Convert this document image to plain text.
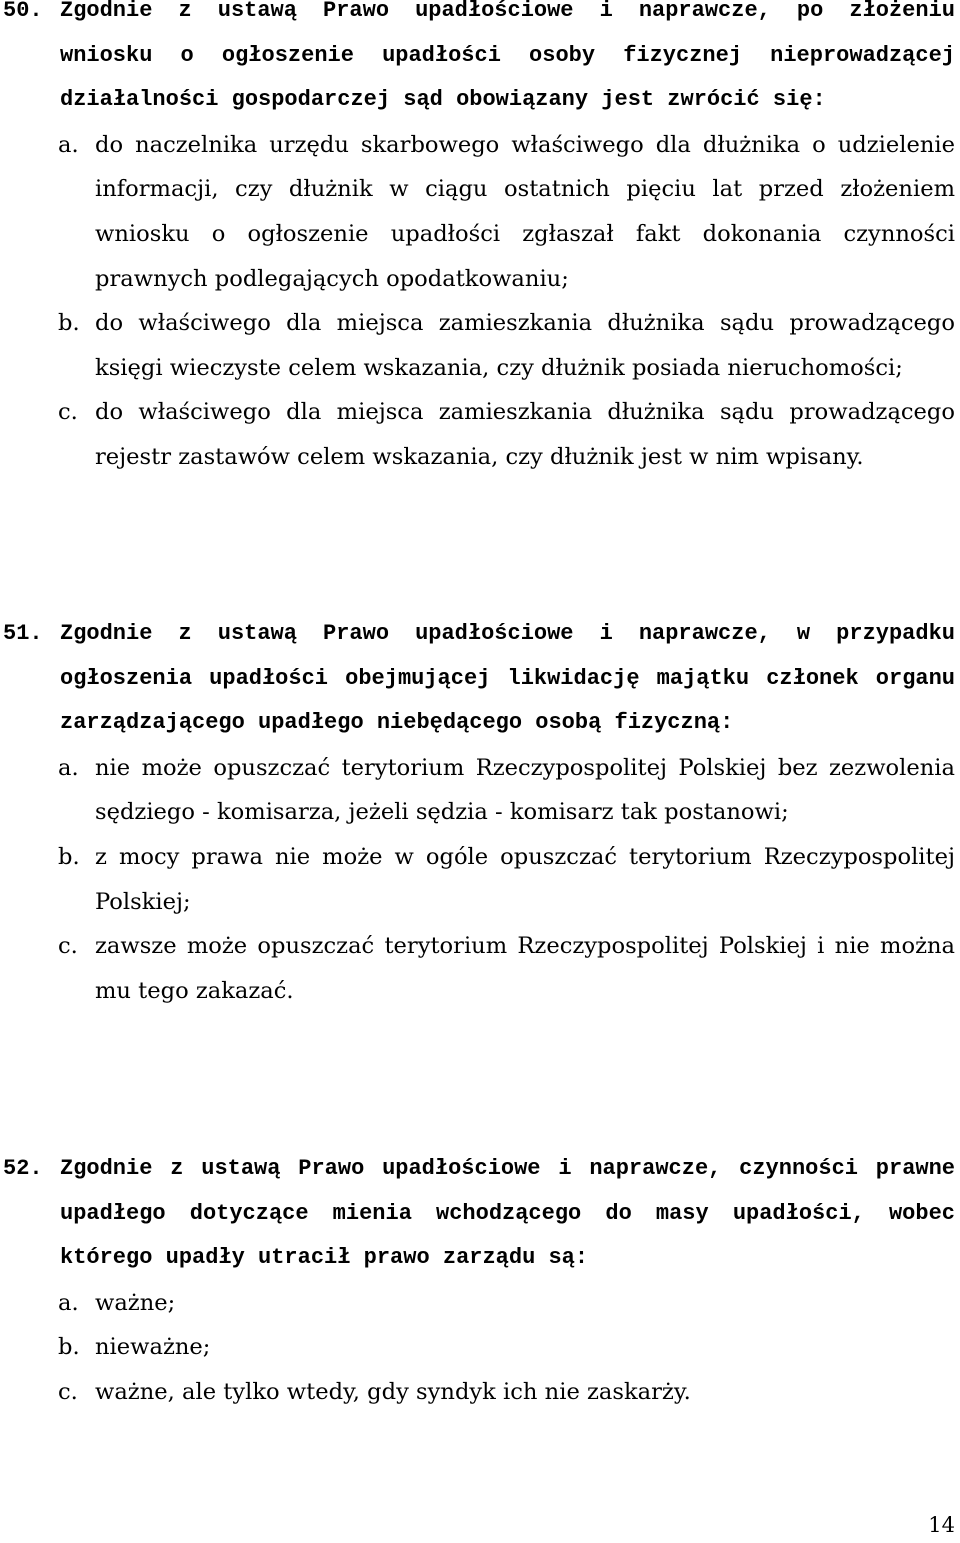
50. Zgodnie z ustawą Prawo upadłościowe i naprawcze, po złożeniu wniosku o ogłoszenie upadłości osoby fizycznej nieprowadzącej działalności gospodarczej sąd obowiązany jest zwrócić się:
a. do naczelnika urzędu skarbowego właściwego dla dłużnika o udzielenie informacji, czy dłużnik w ciągu ostatnich pięciu lat przed złożeniem wniosku o ogłoszenie upadłości zgłaszał fakt dokonania czynności prawnych podlegających opodatkowaniu;
b. do właściwego dla miejsca zamieszkania dłużnika sądu prowadzącego księgi wieczyste celem wskazania, czy dłużnik posiada nieruchomości;
c. do właściwego dla miejsca zamieszkania dłużnika sądu prowadzącego rejestr zastawów celem wskazania, czy dłużnik jest w nim wpisany.
51. Zgodnie z ustawą Prawo upadłościowe i naprawcze, w przypadku ogłoszenia upadłości obejmującej likwidację majątku członek organu zarządzającego upadłego niebędącego osobą fizyczną:
a. nie może opuszczać terytorium Rzeczypospolitej Polskiej bez zezwolenia sędziego - komisarza, jeżeli sędzia - komisarz tak postanowi;
b. z mocy prawa nie może w ogóle opuszczać terytorium Rzeczypospolitej Polskiej;
c. zawsze może opuszczać terytorium Rzeczypospolitej Polskiej i nie można mu tego zakazać.
52. Zgodnie z ustawą Prawo upadłościowe i naprawcze, czynności prawne upadłego dotyczące mienia wchodzącego do masy upadłości, wobec którego upadły utracił prawo zarządu są:
a. ważne;
b. nieważne;
c. ważne, ale tylko wtedy, gdy syndyk ich nie zaskarży.
14
